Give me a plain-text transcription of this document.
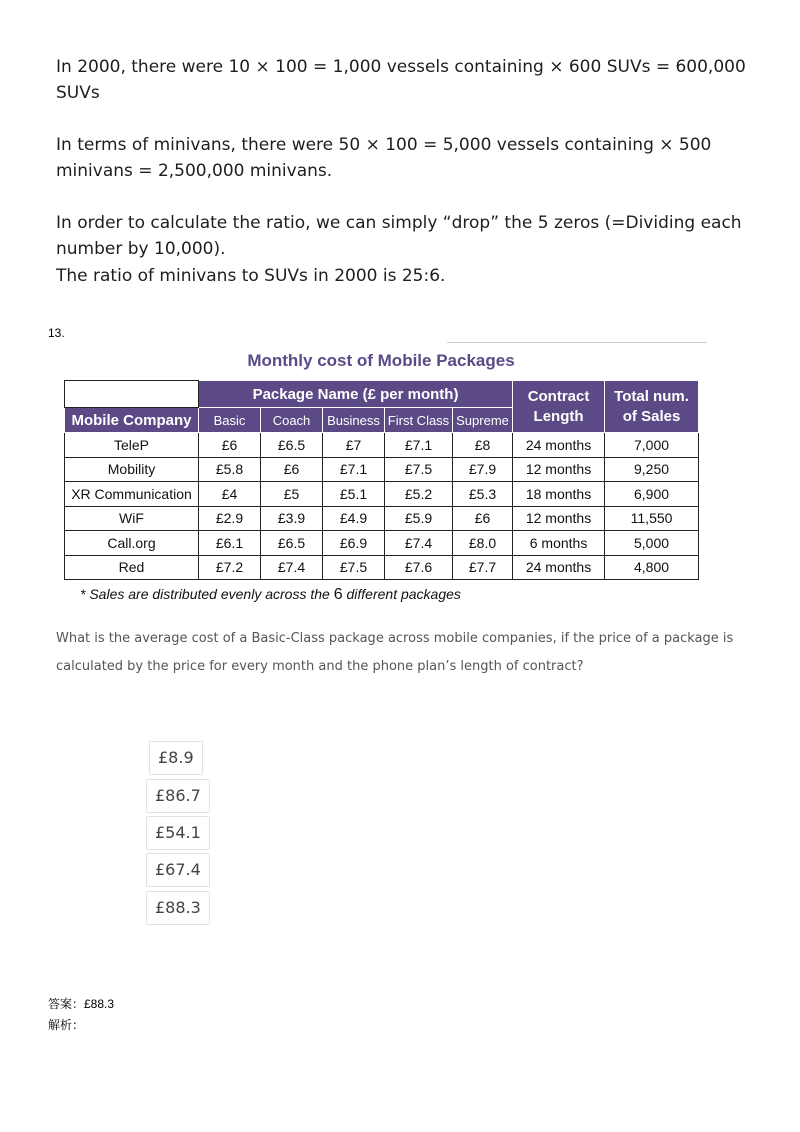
In 2000, there were 10 × 100 = 1,000 vessels containing × 600 SUVs = 600,000 SUVs

In terms of minivans, there were 50 × 100 = 5,000 vessels containing × 500 minivans = 2,500,000 minivans.

In order to calculate the ratio, we can simply “drop” the 5 zeros (=Dividing each number by 10,000).

The ratio of minivans to SUVs in 2000 is 25:6.

13.

Monthly cost of Mobile Packages

	Package Name (£ per month)					Contract Length	Total num. of Sales
Mobile Company	Basic	Coach	Business	First Class	Supreme		
TeleP	£6	£6.5	£7	£7.1	£8	24 months	7,000
Mobility	£5.8	£6	£7.1	£7.5	£7.9	12 months	9,250
XR Communication	£4	£5	£5.1	£5.2	£5.3	18 months	6,900
WiF	£2.9	£3.9	£4.9	£5.9	£6	12 months	11,550
Call.org	£6.1	£6.5	£6.9	£7.4	£8.0	6 months	5,000
Red	£7.2	£7.4	£7.5	£7.6	£7.7	24 months	4,800

* Sales are distributed evenly across the 6 different packages

What is the average cost of a Basic-Class package across mobile companies, if the price of a package is calculated by the price for every month and the phone plan’s length of contract?

£8.9
£86.7
£54.1
£67.4
£88.3

答案：£88.3

解析：
